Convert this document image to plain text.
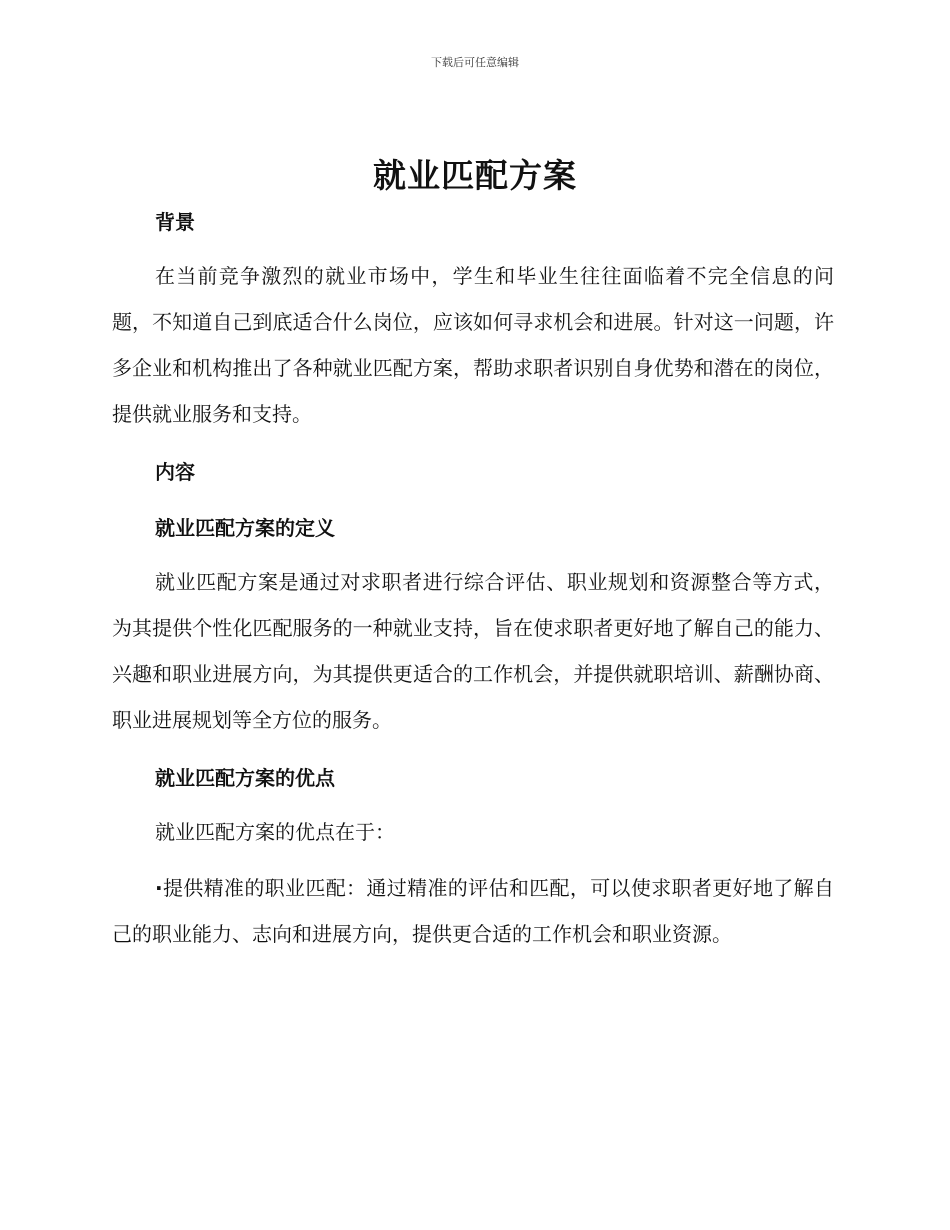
下载后可任意编辑
就业匹配方案
背景

在当前竞争激烈的就业市场中，学生和毕业生往往面临着不完全信息的问题，不知道自己到底适合什么岗位，应该如何寻求机会和进展。针对这一问题，许多企业和机构推出了各种就业匹配方案，帮助求职者识别自身优势和潜在的岗位，提供就业服务和支持。

内容
就业匹配方案的定义

就业匹配方案是通过对求职者进行综合评估、职业规划和资源整合等方式，为其提供个性化匹配服务的一种就业支持，旨在使求职者更好地了解自己的能力、兴趣和职业进展方向，为其提供更适合的工作机会，并提供就职培训、薪酬协商、职业进展规划等全方位的服务。

就业匹配方案的优点

就业匹配方案的优点在于：

·提供精准的职业匹配：通过精准的评估和匹配，可以使求职者更好地了解自己的职业能力、志向和进展方向，提供更合适的工作机会和职业资源。
